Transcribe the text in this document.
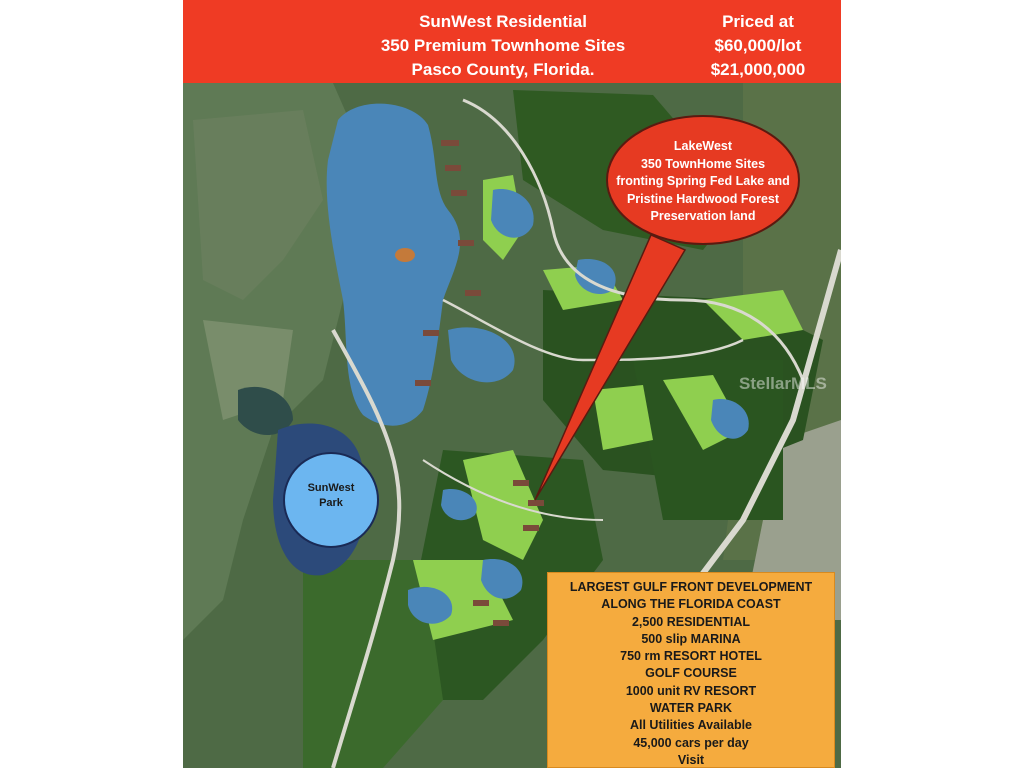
SunWest Residential
350 Premium Townhome Sites
Pasco County, Florida.
Priced at
$60,000/lot
$21,000,000
LakeWest
350 TownHome Sites
fronting Spring Fed Lake and
Pristine Hardwood Forest
Preservation land
SunWest
Park
StellarMLS
LARGEST GULF FRONT DEVELOPMENT
ALONG THE FLORIDA COAST
2,500 RESIDENTIAL
500 slip MARINA
750 rm RESORT HOTEL
GOLF COURSE
1000 unit RV RESORT
WATER PARK
All Utilities Available
45,000 cars per day
Visit
